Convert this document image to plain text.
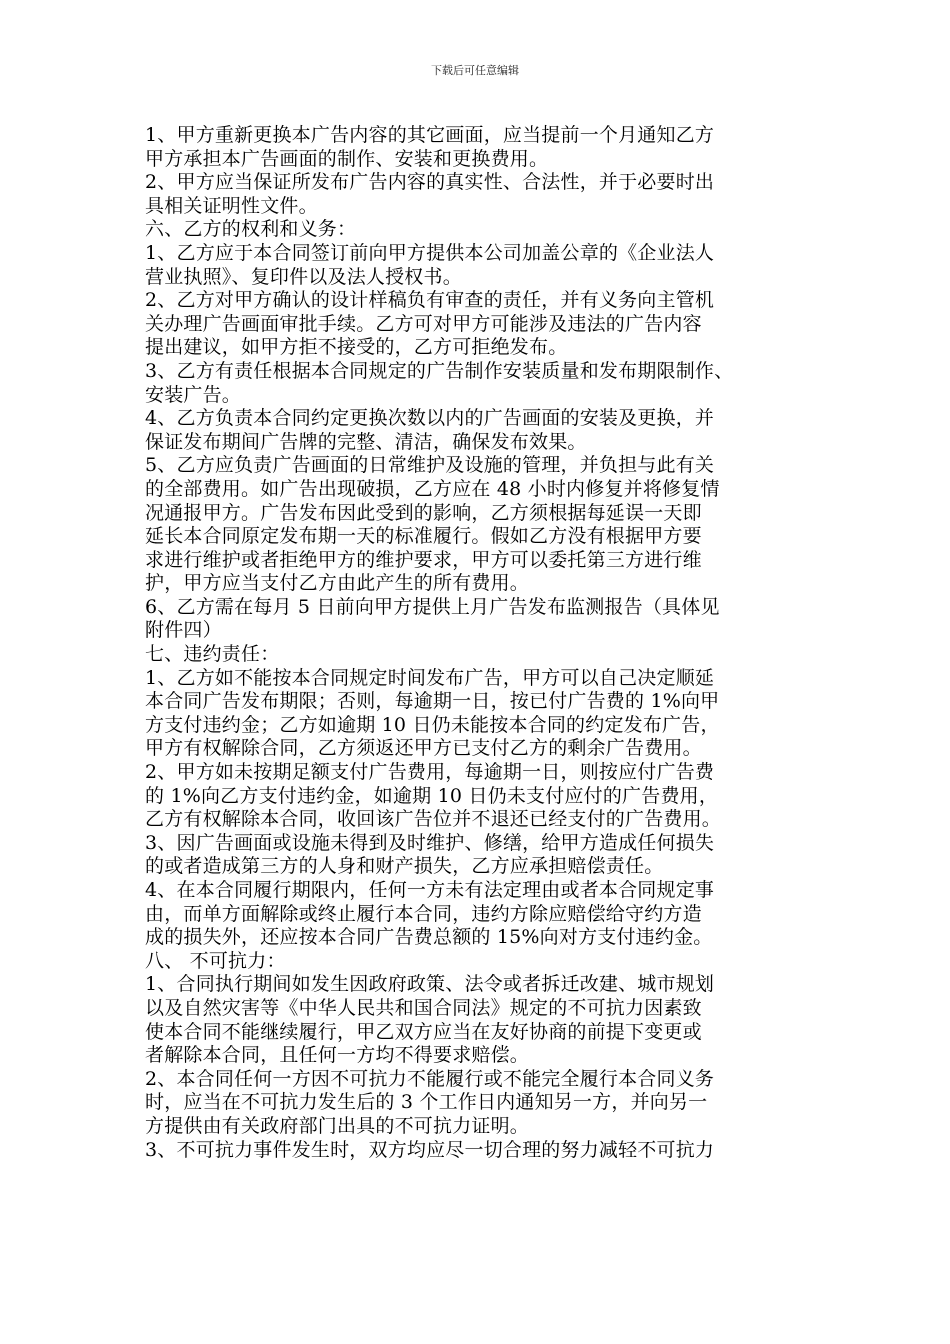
下载后可任意编辑

1、甲方重新更换本广告内容的其它画面，应当提前一个月通知乙方
甲方承担本广告画面的制作、安装和更换费用。
2、甲方应当保证所发布广告内容的真实性、合法性，并于必要时出
具相关证明性文件。
六、乙方的权利和义务：
1、乙方应于本合同签订前向甲方提供本公司加盖公章的《企业法人
营业执照》、复印件以及法人授权书。
2、乙方对甲方确认的设计样稿负有审查的责任，并有义务向主管机
关办理广告画面审批手续。乙方可对甲方可能涉及违法的广告内容
提出建议，如甲方拒不接受的，乙方可拒绝发布。
3、乙方有责任根据本合同规定的广告制作安装质量和发布期限制作、
安装广告。
4、乙方负责本合同约定更换次数以内的广告画面的安装及更换，并
保证发布期间广告牌的完整、清洁，确保发布效果。
5、乙方应负责广告画面的日常维护及设施的管理，并负担与此有关
的全部费用。如广告出现破损，乙方应在 48 小时内修复并将修复情
况通报甲方。广告发布因此受到的影响，乙方须根据每延误一天即
延长本合同原定发布期一天的标准履行。假如乙方没有根据甲方要
求进行维护或者拒绝甲方的维护要求，甲方可以委托第三方进行维
护，甲方应当支付乙方由此产生的所有费用。
6、乙方需在每月 5 日前向甲方提供上月广告发布监测报告（具体见
附件四）
七、违约责任：
1、乙方如不能按本合同规定时间发布广告，甲方可以自己决定顺延
本合同广告发布期限；否则，每逾期一日，按已付广告费的 1%向甲
方支付违约金；乙方如逾期 10 日仍未能按本合同的约定发布广告，
甲方有权解除合同，乙方须返还甲方已支付乙方的剩余广告费用。
2、甲方如未按期足额支付广告费用，每逾期一日，则按应付广告费
的 1%向乙方支付违约金，如逾期 10 日仍未支付应付的广告费用，
乙方有权解除本合同，收回该广告位并不退还已经支付的广告费用。
3、因广告画面或设施未得到及时维护、修缮，给甲方造成任何损失
的或者造成第三方的人身和财产损失，乙方应承担赔偿责任。
4、在本合同履行期限内，任何一方未有法定理由或者本合同规定事
由，而单方面解除或终止履行本合同，违约方除应赔偿给守约方造
成的损失外，还应按本合同广告费总额的 15%向对方支付违约金。
八、 不可抗力：
1、合同执行期间如发生因政府政策、法令或者拆迁改建、城市规划
以及自然灾害等《中华人民共和国合同法》规定的不可抗力因素致
使本合同不能继续履行，甲乙双方应当在友好协商的前提下变更或
者解除本合同，且任何一方均不得要求赔偿。
2、本合同任何一方因不可抗力不能履行或不能完全履行本合同义务
时，应当在不可抗力发生后的 3 个工作日内通知另一方，并向另一
方提供由有关政府部门出具的不可抗力证明。
3、不可抗力事件发生时，双方均应尽一切合理的努力减轻不可抗力
